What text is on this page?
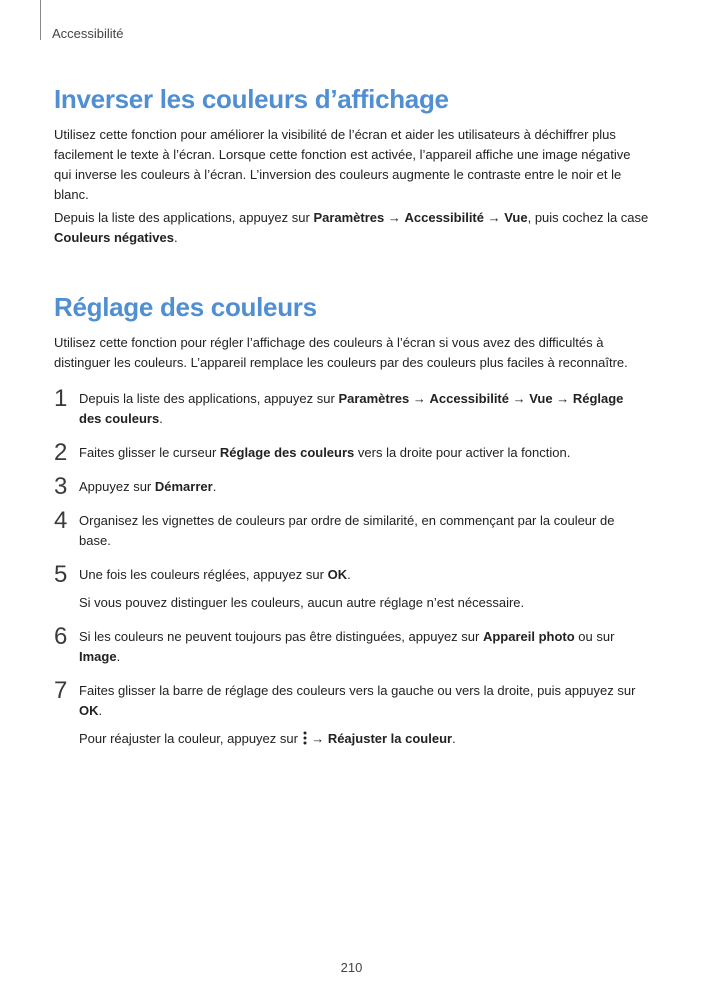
Accessibilité
Inverser les couleurs d’affichage

Utilisez cette fonction pour améliorer la visibilité de l’écran et aider les utilisateurs à déchiffrer plus facilement le texte à l’écran. Lorsque cette fonction est activée, l’appareil affiche une image négative qui inverse les couleurs à l’écran. L’inversion des couleurs augmente le contraste entre le noir et le blanc.

Depuis la liste des applications, appuyez sur Paramètres → Accessibilité → Vue, puis cochez la case Couleurs négatives.

Réglage des couleurs

Utilisez cette fonction pour régler l’affichage des couleurs à l’écran si vous avez des difficultés à distinguer les couleurs. L’appareil remplace les couleurs par des couleurs plus faciles à reconnaître.

1 Depuis la liste des applications, appuyez sur Paramètres → Accessibilité → Vue → Réglage des couleurs.
2 Faites glisser le curseur Réglage des couleurs vers la droite pour activer la fonction.
3 Appuyez sur Démarrer.
4 Organisez les vignettes de couleurs par ordre de similarité, en commençant par la couleur de base.
5 Une fois les couleurs réglées, appuyez sur OK.
Si vous pouvez distinguer les couleurs, aucun autre réglage n’est nécessaire.
6 Si les couleurs ne peuvent toujours pas être distinguées, appuyez sur Appareil photo ou sur Image.
7 Faites glisser la barre de réglage des couleurs vers la gauche ou vers la droite, puis appuyez sur OK.
Pour réajuster la couleur, appuyez sur
→ Réajuster la couleur.
210
